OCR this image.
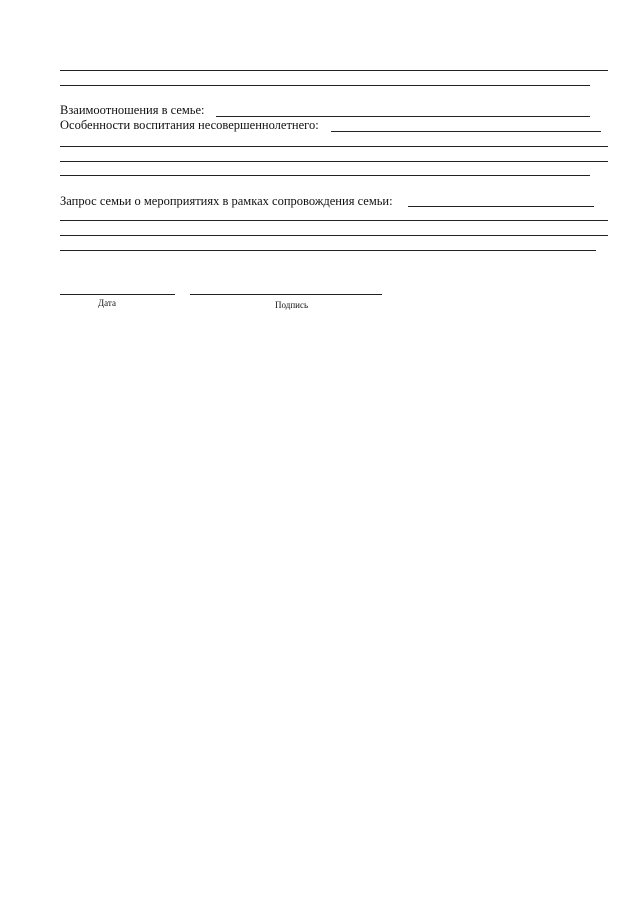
Взаимоотношения в семье:
Особенности воспитания несовершеннолетнего:
Запрос семьи о мероприятиях в рамках сопровождения семьи:
Дата	Подпись
